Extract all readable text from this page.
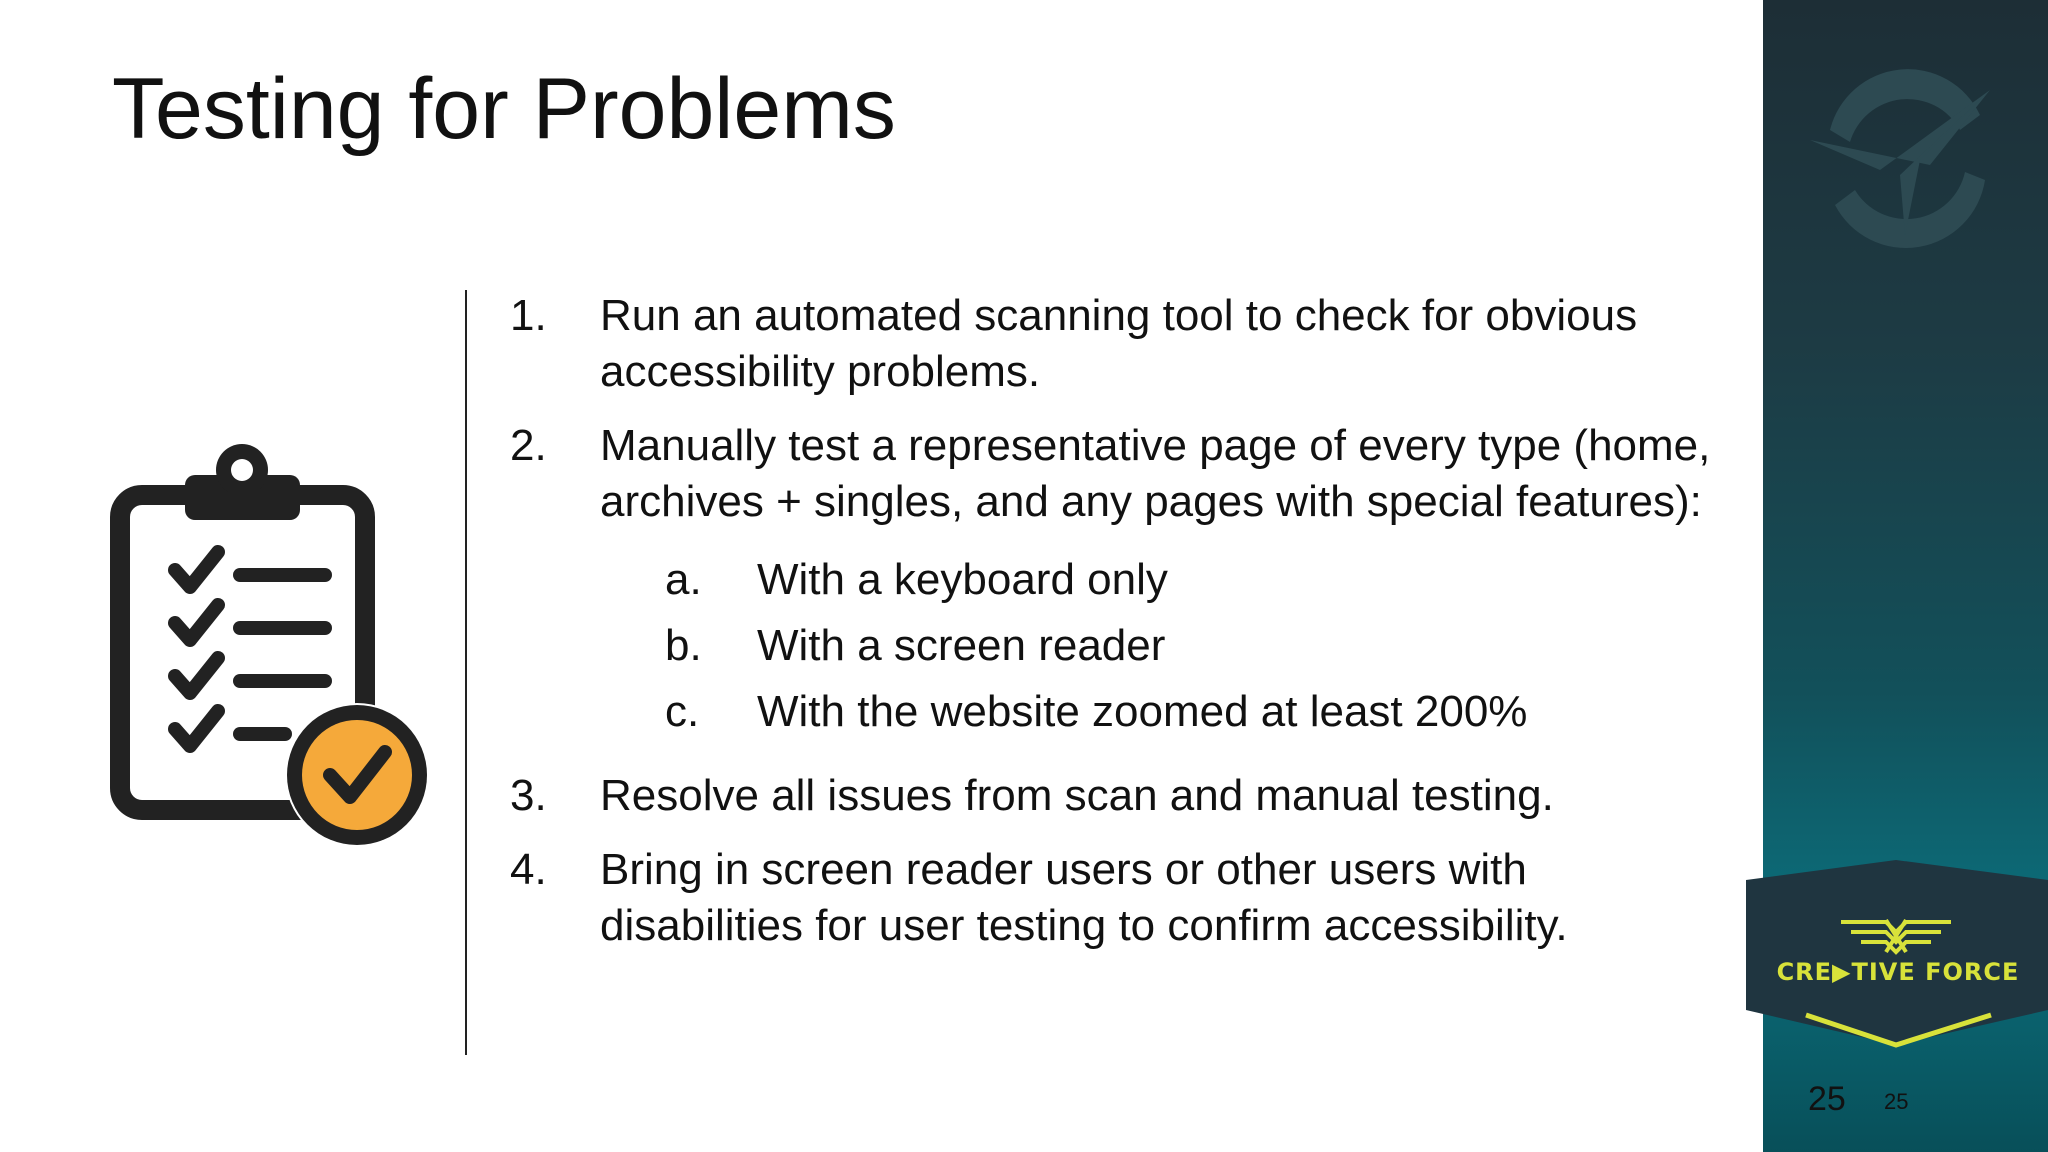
Testing for Problems
1. Run an automated scanning tool to check for obvious accessibility problems.
2. Manually test a representative page of every type (home, archives + singles, and any pages with special features):
a. With a keyboard only
b. With a screen reader
c. With the website zoomed at least 200%
3. Resolve all issues from scan and manual testing.
4. Bring in screen reader users or other users with disabilities for user testing to confirm accessibility.
CRE▶TIVE FORCE
25 25
